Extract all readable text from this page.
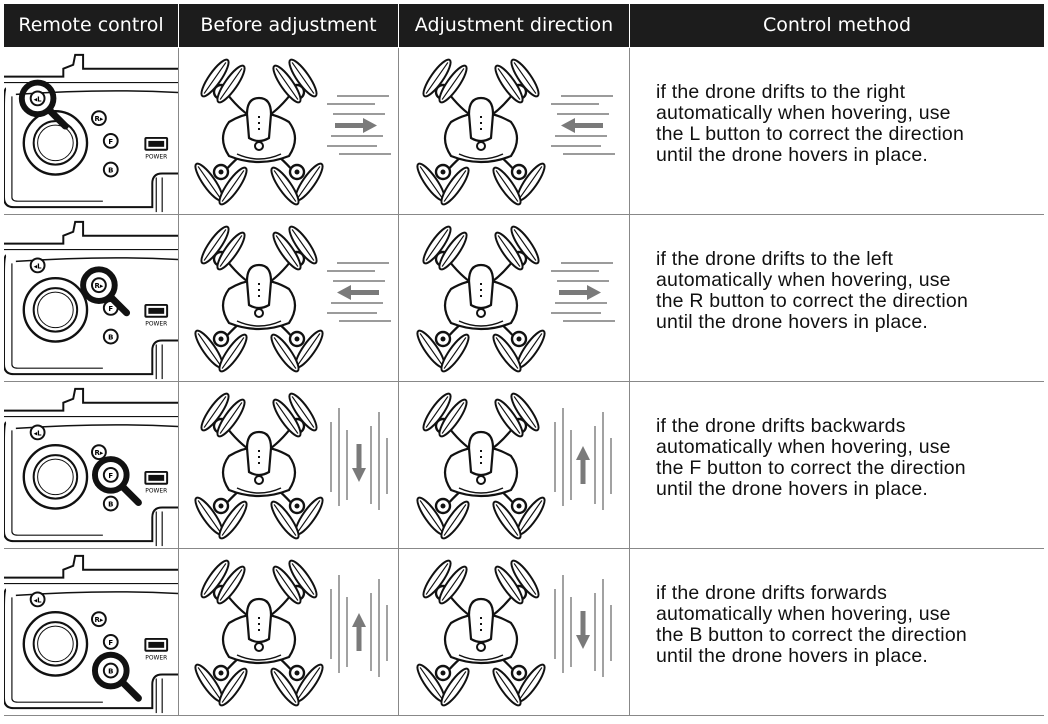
Remote control	Before adjustment	Adjustment direction	Control method
if the drone drifts to the right
automatically when hovering, use
the L button to correct the direction
until the drone hovers in place.
if the drone drifts to the left
automatically when hovering, use
the R button to correct the direction
until the drone hovers in place.
if the drone drifts backwards
automatically when hovering, use
the F button to correct the direction
until the drone hovers in place.
if the drone drifts forwards
automatically when hovering, use
the B button to correct the direction
until the drone hovers in place.
